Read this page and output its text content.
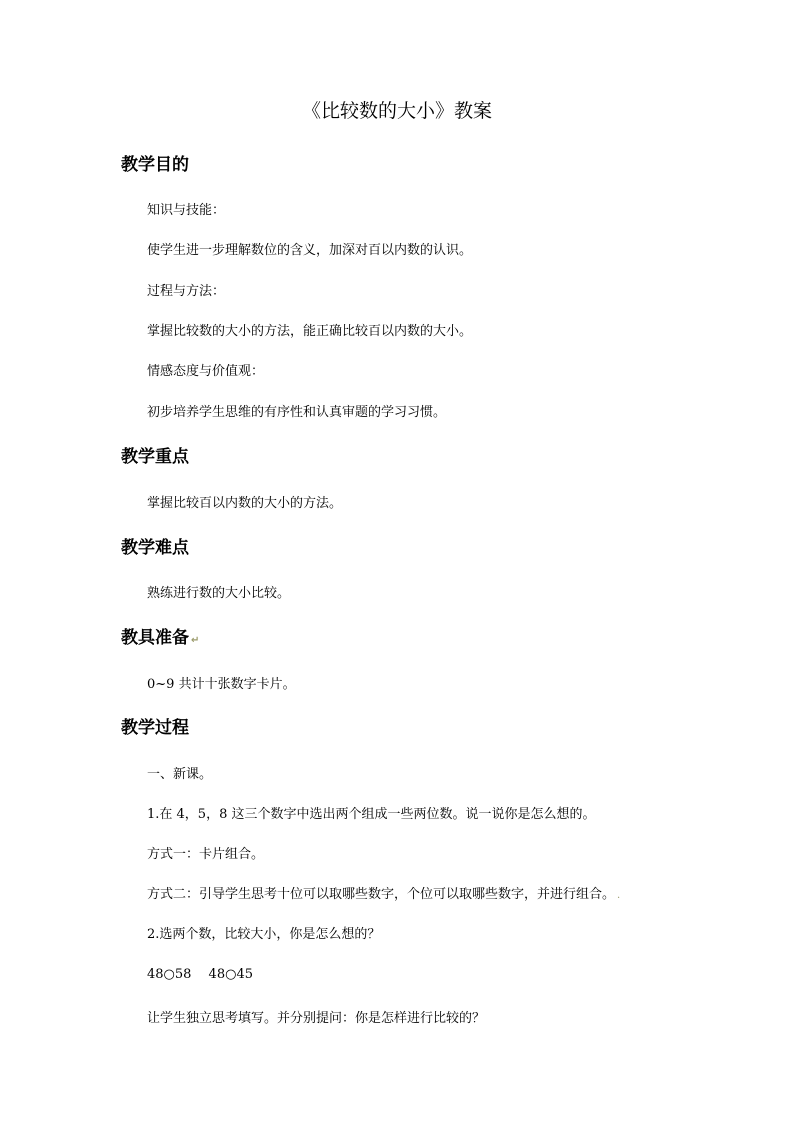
《比较数的大小》教案
教学目的
知识与技能：
使学生进一步理解数位的含义，加深对百以内数的认识。
过程与方法：
掌握比较数的大小的方法，能正确比较百以内数的大小。
情感态度与价值观：
初步培养学生思维的有序性和认真审题的学习习惯。
教学重点
掌握比较百以内数的大小的方法。
教学难点
熟练进行数的大小比较。
教具准备 ↵
0~9 共计十张数字卡片。
教学过程
一、新课。
1.在 4，5，8 这三个数字中选出两个组成一些两位数。说一说你是怎么想的。
方式一：卡片组合。
方式二：引导学生思考十位可以取哪些数字，个位可以取哪些数字，并进行组合。 .
2.选两个数，比较大小，你是怎么想的？
48○58　 48○45
让学生独立思考填写。并分别提问：你是怎样进行比较的？
